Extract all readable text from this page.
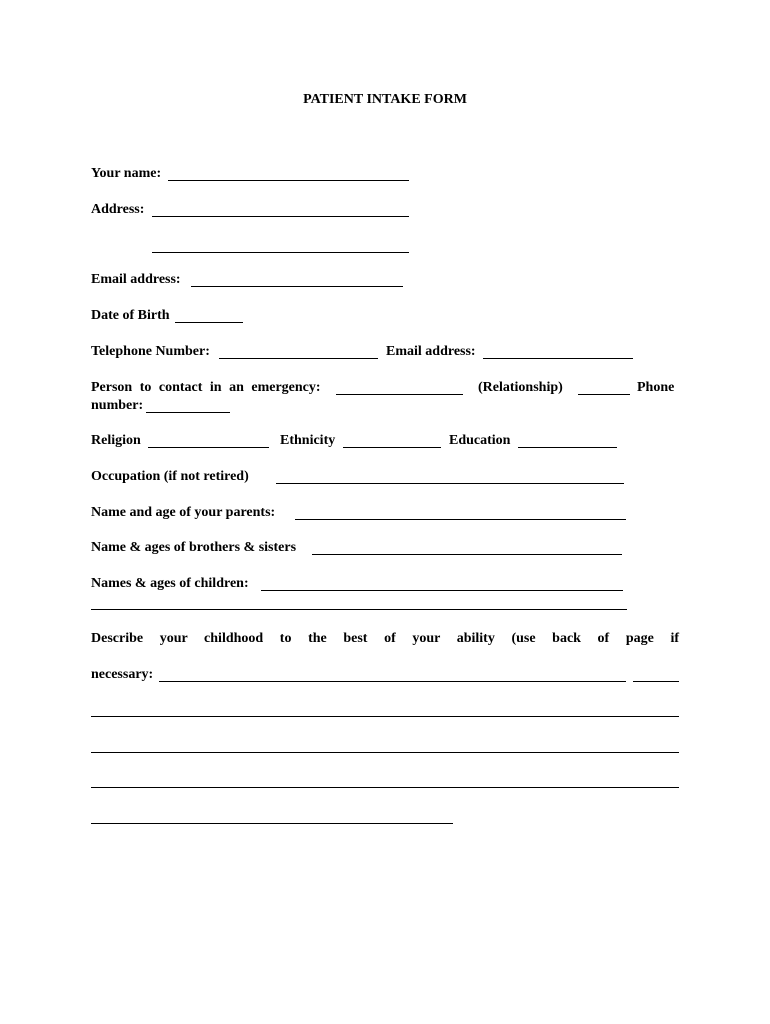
PATIENT INTAKE FORM
Your name:
Address:
Email address:
Date of Birth
Telephone Number:	Email address:
Person to contact in an emergency:	(Relationship)	Phone
number:
Religion	Ethnicity	Education
Occupation (if not retired)
Name and age of your parents:
Name & ages of brothers & sisters
Names & ages of children:
Describe your childhood to the best of your ability (use back of page if
necessary:
